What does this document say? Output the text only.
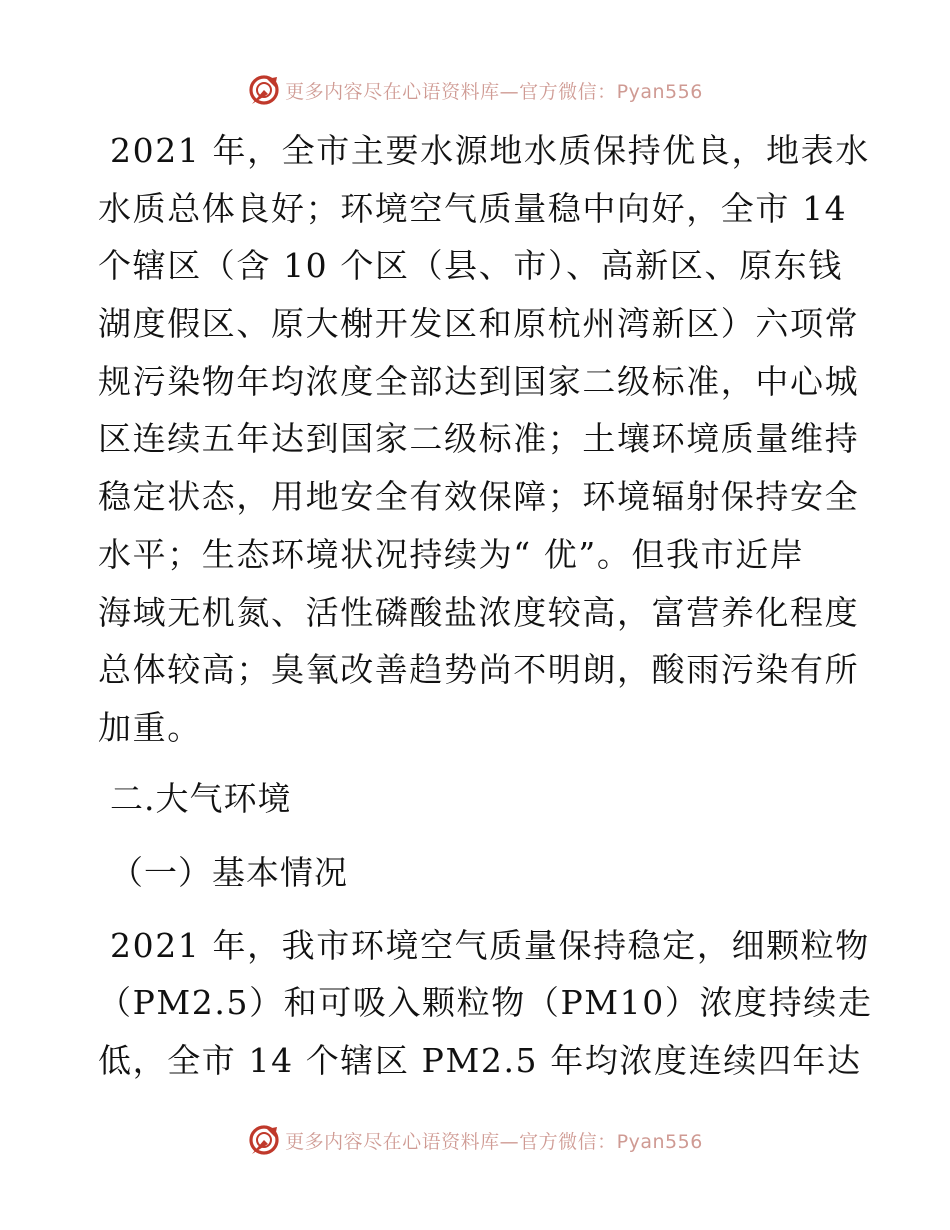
更多内容尽在心语资料库—官方微信：Pyan556
2021 年，全市主要水源地水质保持优良，地表水
水质总体良好；环境空气质量稳中向好，全市 14
个辖区（含 10 个区（县、市）、高新区、原东钱
湖度假区、原大榭开发区和原杭州湾新区）六项常
规污染物年均浓度全部达到国家二级标准，中心城
区连续五年达到国家二级标准；土壤环境质量维持
稳定状态，用地安全有效保障；环境辐射保持安全
水平；生态环境状况持续为“ 优”。但我市近岸
海域无机氮、活性磷酸盐浓度较高，富营养化程度
总体较高；臭氧改善趋势尚不明朗，酸雨污染有所
加重。
二.大气环境
（一）基本情况
2021 年，我市环境空气质量保持稳定，细颗粒物
（PM2.5）和可吸入颗粒物（PM10）浓度持续走
低，全市 14 个辖区 PM2.5 年均浓度连续四年达
更多内容尽在心语资料库—官方微信：Pyan556
